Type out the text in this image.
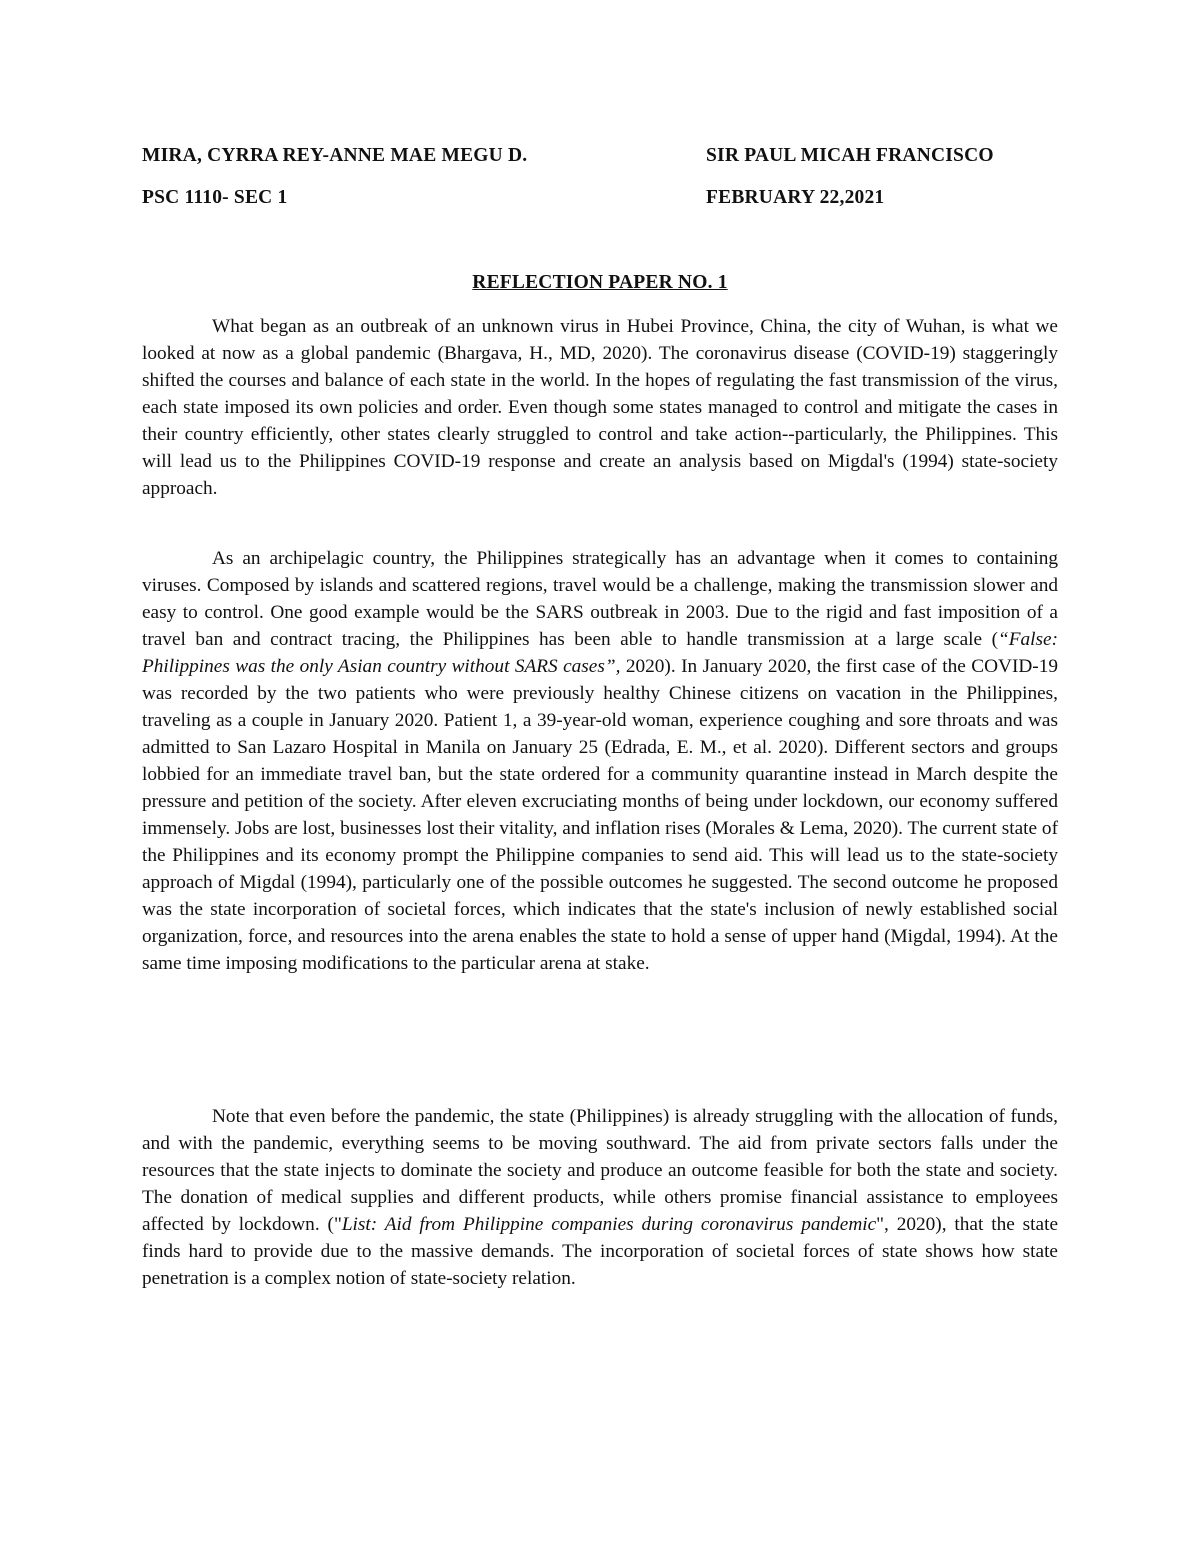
MIRA, CYRRA REY-ANNE MAE MEGU D.	SIR PAUL MICAH FRANCISCO
PSC 1110- SEC 1	FEBRUARY 22,2021
REFLECTION PAPER NO. 1

What began as an outbreak of an unknown virus in Hubei Province, China, the city of Wuhan, is what we looked at now as a global pandemic (Bhargava, H., MD, 2020). The coronavirus disease (COVID-19) staggeringly shifted the courses and balance of each state in the world. In the hopes of regulating the fast transmission of the virus, each state imposed its own policies and order. Even though some states managed to control and mitigate the cases in their country efficiently, other states clearly struggled to control and take action--particularly, the Philippines. This will lead us to the Philippines COVID-19 response and create an analysis based on Migdal's (1994) state-society approach.

As an archipelagic country, the Philippines strategically has an advantage when it comes to containing viruses. Composed by islands and scattered regions, travel would be a challenge, making the transmission slower and easy to control. One good example would be the SARS outbreak in 2003. Due to the rigid and fast imposition of a travel ban and contract tracing, the Philippines has been able to handle transmission at a large scale (“False: Philippines was the only Asian country without SARS cases”, 2020). In January 2020, the first case of the COVID-19 was recorded by the two patients who were previously healthy Chinese citizens on vacation in the Philippines, traveling as a couple in January 2020. Patient 1, a 39-year-old woman, experience coughing and sore throats and was admitted to San Lazaro Hospital in Manila on January 25 (Edrada, E. M., et al. 2020). Different sectors and groups lobbied for an immediate travel ban, but the state ordered for a community quarantine instead in March despite the pressure and petition of the society. After eleven excruciating months of being under lockdown, our economy suffered immensely. Jobs are lost, businesses lost their vitality, and inflation rises (Morales & Lema, 2020). The current state of the Philippines and its economy prompt the Philippine companies to send aid. This will lead us to the state-society approach of Migdal (1994), particularly one of the possible outcomes he suggested. The second outcome he proposed was the state incorporation of societal forces, which indicates that the state's inclusion of newly established social organization, force, and resources into the arena enables the state to hold a sense of upper hand (Migdal, 1994). At the same time imposing modifications to the particular arena at stake.

Note that even before the pandemic, the state (Philippines) is already struggling with the allocation of funds, and with the pandemic, everything seems to be moving southward. The aid from private sectors falls under the resources that the state injects to dominate the society and produce an outcome feasible for both the state and society. The donation of medical supplies and different products, while others promise financial assistance to employees affected by lockdown. ("List: Aid from Philippine companies during coronavirus pandemic", 2020), that the state finds hard to provide due to the massive demands. The incorporation of societal forces of state shows how state penetration is a complex notion of state-society relation.
